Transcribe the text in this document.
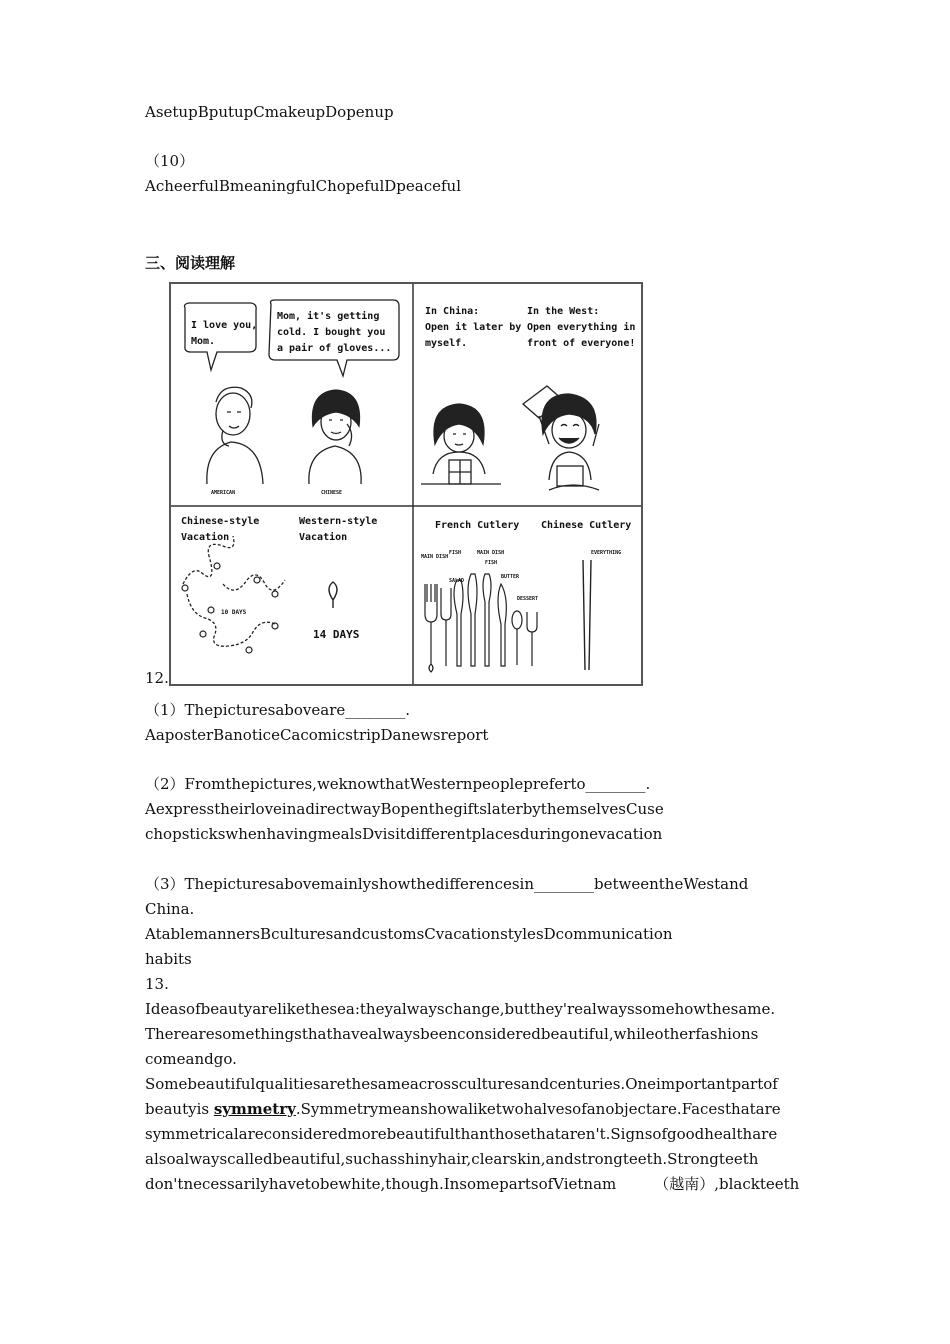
AsetupBputupCmakeupDopenup
（10）
AcheerfulBmeaningfulChopefulDpeaceful
三、阅读理解
I love you,
Mom.
Mom, it's getting
cold. I bought you
a pair of gloves...
AMERICAN	CHINESE
In China:
Open it later by
myself.
In the West:
Open everything in
front of everyone!
Chinese-style
Vacation
Western-style
Vacation
10 DAYS
14 DAYS
French Cutlery Chinese Cutlery
MAIN DISH
SALAD
FISH	MAIN DISH
FISH
BUTTER
DESSERT
EVERYTHING
12.
（1）Thepicturesaboveare________.
AaposterBanoticeCacomicstripDanewsreport
（2）Fromthepictures,weknowthatWesternpeoplepreferto________.
AexpresstheirloveinadirectwayBopenthegiftslaterbythemselvesCuse
chopstickswhenhavingmealsDvisitdifferentplacesduringonevacation
（3）Thepicturesabovemainlyshowthedifferencesin________betweentheWestand
China.
AtablemannersBculturesandcustomsCvacationstylesDcommunication
habits
13.
Ideasofbeautyarelikethesea:theyalwayschange,butthey'realwayssomehowthesame.
Therearesomethingsthathavealwaysbeenconsideredbeautiful,whileotherfashions
comeandgo.
Somebeautifulqualitiesarethesameacrossculturesandcenturies.Oneimportantpartof
beautyis symmetry.Symmetrymeanshowaliketwohalvesofanobjectare.Facesthatare
symmetricalareconsideredmorebeautifulthanthosethataren't.Signsofgoodhealthare
alsoalwayscalledbeautiful,suchasshinyhair,clearskin,andstrongteeth.Strongteeth
don'tnecessarilyhavetobewhite,though.InsomepartsofVietnam	（越南）,blackteeth
